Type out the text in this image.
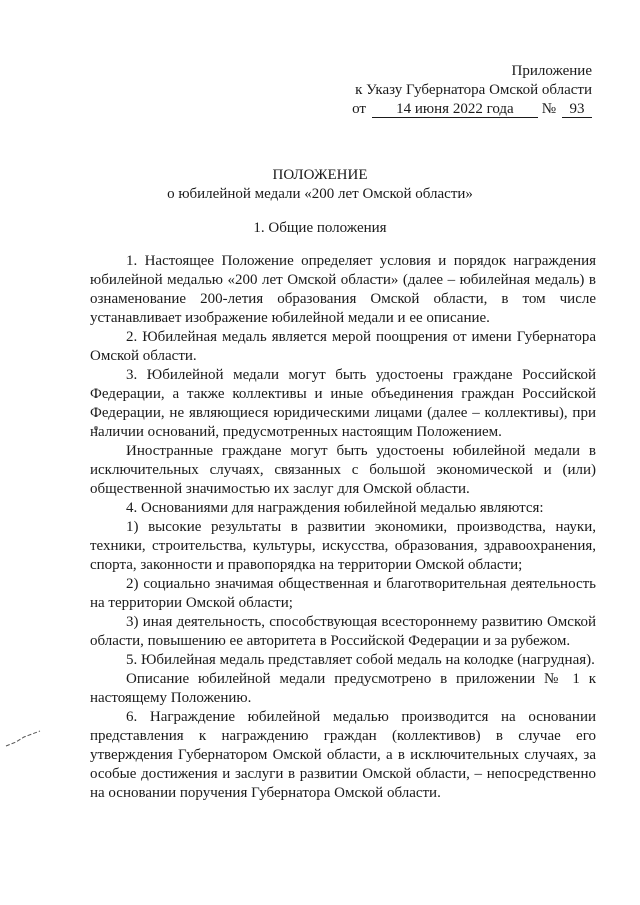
Приложение
к Указу Губернатора Омской области
от 14 июня 2022 года № 93
ПОЛОЖЕНИЕ
о юбилейной медали «200 лет Омской области»
1. Общие положения

1. Настоящее Положение определяет условия и порядок награждения юбилейной медалью «200 лет Омской области» (далее – юбилейная медаль) в ознаменование 200-летия образования Омской области, в том числе устанавливает изображение юбилейной медали и ее описание.

2. Юбилейная медаль является мерой поощрения от имени Губернатора Омской области.

3. Юбилейной медали могут быть удостоены граждане Российской Федерации, а также коллективы и иные объединения граждан Российской Федерации, не являющиеся юридическими лицами (далее – коллективы), при наличии оснований, предусмотренных настоящим Положением.

Иностранные граждане могут быть удостоены юбилейной медали в исключительных случаях, связанных с большой экономической и (или) общественной значимостью их заслуг для Омской области.

4. Основаниями для награждения юбилейной медалью являются:

1) высокие результаты в развитии экономики, производства, науки, техники, строительства, культуры, искусства, образования, здравоохранения, спорта, законности и правопорядка на территории Омской области;

2) социально значимая общественная и благотворительная деятельность на территории Омской области;

3) иная деятельность, способствующая всестороннему развитию Омской области, повышению ее авторитета в Российской Федерации и за рубежом.

5. Юбилейная медаль представляет собой медаль на колодке (нагрудная).

Описание юбилейной медали предусмотрено в приложении № 1 к настоящему Положению.

6. Награждение юбилейной медалью производится на основании представления к награждению граждан (коллективов) в случае его утверждения Губернатором Омской области, а в исключительных случаях, за особые достижения и заслуги в развитии Омской области, – непосредственно на основании поручения Губернатора Омской области.
